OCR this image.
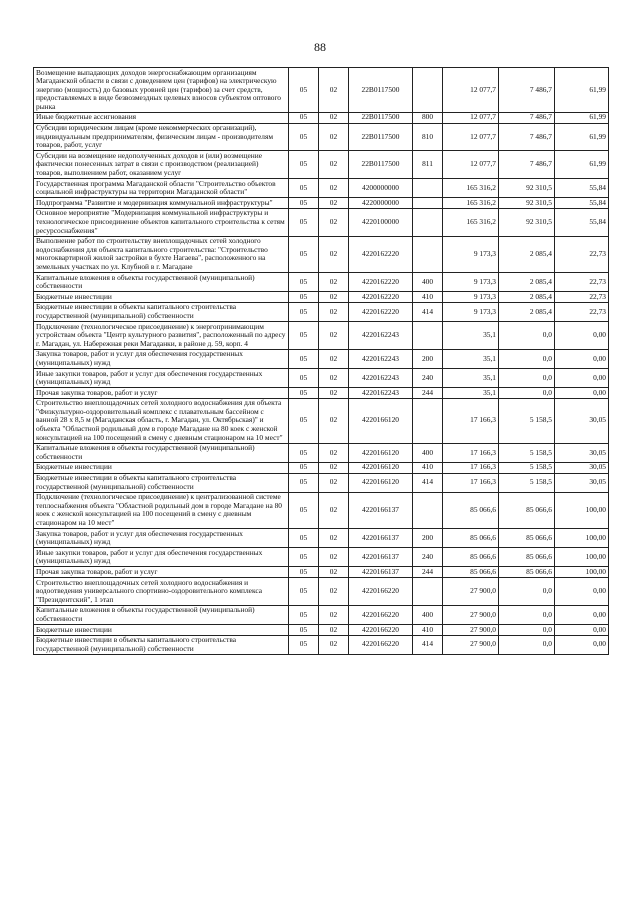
88
Возмещение выпадающих доходов энергоснабжающим организациям Магаданской области в связи с доведением цен (тарифов) на электрическую энергию (мощность) до базовых уровней цен (тарифов) за счет средств, предоставляемых в виде безвозмездных целевых взносов субъектом оптового рынка	05	02	22В0117500		12 077,7	7 486,7	61,99
Иные бюджетные ассигнования	05	02	22В0117500	800	12 077,7	7 486,7	61,99
Субсидии юридическим лицам (кроме некоммерческих организаций), индивидуальным предпринимателям, физическим лицам - производителям товаров, работ, услуг	05	02	22В0117500	810	12 077,7	7 486,7	61,99
Субсидии на возмещение недополученных доходов и (или) возмещение фактически понесенных затрат в связи с производством (реализацией) товаров, выполнением работ, оказанием услуг	05	02	22В0117500	811	12 077,7	7 486,7	61,99
Государственная программа Магаданской области "Строительство объектов социальной инфраструктуры на территории Магаданской области"	05	02	4200000000		165 316,2	92 310,5	55,84
Подпрограмма "Развитие и модернизация коммунальной инфраструктуры"	05	02	4220000000		165 316,2	92 310,5	55,84
Основное мероприятие "Модернизация коммунальной инфраструктуры и технологическое присоединение объектов капитального строительства к сетям ресурсоснабжения"	05	02	4220100000		165 316,2	92 310,5	55,84
Выполнение работ по строительству внеплощадочных сетей холодного водоснабжения для объекта капитального строительства: "Строительство многоквартирной жилой застройки в бухте Нагаева", расположенного на земельных участках по ул. Клубной в г. Магадане	05	02	4220162220		9 173,3	2 085,4	22,73
Капитальные вложения в объекты государственной (муниципальной) собственности	05	02	4220162220	400	9 173,3	2 085,4	22,73
Бюджетные инвестиции	05	02	4220162220	410	9 173,3	2 085,4	22,73
Бюджетные инвестиции в объекты капитального строительства государственной (муниципальной) собственности	05	02	4220162220	414	9 173,3	2 085,4	22,73
Подключение (технологическое присоединение) к энергопринимающим устройствам объекта "Центр культурного развития", расположенный по адресу г. Магадан, ул. Набережная реки Магаданки, в районе д. 59, корп. 4	05	02	4220162243		35,1	0,0	0,00
Закупка товаров, работ и услуг для обеспечения государственных (муниципальных) нужд	05	02	4220162243	200	35,1	0,0	0,00
Иные закупки товаров, работ и услуг для обеспечения государственных (муниципальных) нужд	05	02	4220162243	240	35,1	0,0	0,00
Прочая закупка товаров, работ и услуг	05	02	4220162243	244	35,1	0,0	0,00
Строительство внеплощадочных сетей холодного водоснабжения для объекта "Физкультурно-оздоровительный комплекс с плавательным бассейном с ванной 28 х 8,5 м (Магаданская область, г. Магадан, ул. Октябрьская)" и объекта "Областной родильный дом в городе Магадане на 80 коек с женской консультацией на 100 посещений в смену с дневным стационаром на 10 мест"	05	02	4220166120		17 166,3	5 158,5	30,05
Капитальные вложения в объекты государственной (муниципальной) собственности	05	02	4220166120	400	17 166,3	5 158,5	30,05
Бюджетные инвестиции	05	02	4220166120	410	17 166,3	5 158,5	30,05
Бюджетные инвестиции в объекты капитального строительства государственной (муниципальной) собственности	05	02	4220166120	414	17 166,3	5 158,5	30,05
Подключение (технологическое присоединение) к централизованной системе теплоснабжения объекта "Областной родильный дом в городе Магадане на 80 коек с женской консультацией на 100 посещений в смену с дневным стационаром на 10 мест"	05	02	4220166137		85 066,6	85 066,6	100,00
Закупка товаров, работ и услуг для обеспечения государственных (муниципальных) нужд	05	02	4220166137	200	85 066,6	85 066,6	100,00
Иные закупки товаров, работ и услуг для обеспечения государственных (муниципальных) нужд	05	02	4220166137	240	85 066,6	85 066,6	100,00
Прочая закупка товаров, работ и услуг	05	02	4220166137	244	85 066,6	85 066,6	100,00
Строительство внеплощадочных сетей холодного водоснабжения и водоотведения универсального спортивно-оздоровительного комплекса "Президентский", 1 этап	05	02	4220166220		27 900,0	0,0	0,00
Капитальные вложения в объекты государственной (муниципальной) собственности	05	02	4220166220	400	27 900,0	0,0	0,00
Бюджетные инвестиции	05	02	4220166220	410	27 900,0	0,0	0,00
Бюджетные инвестиции в объекты капитального строительства государственной (муниципальной) собственности	05	02	4220166220	414	27 900,0	0,0	0,00
